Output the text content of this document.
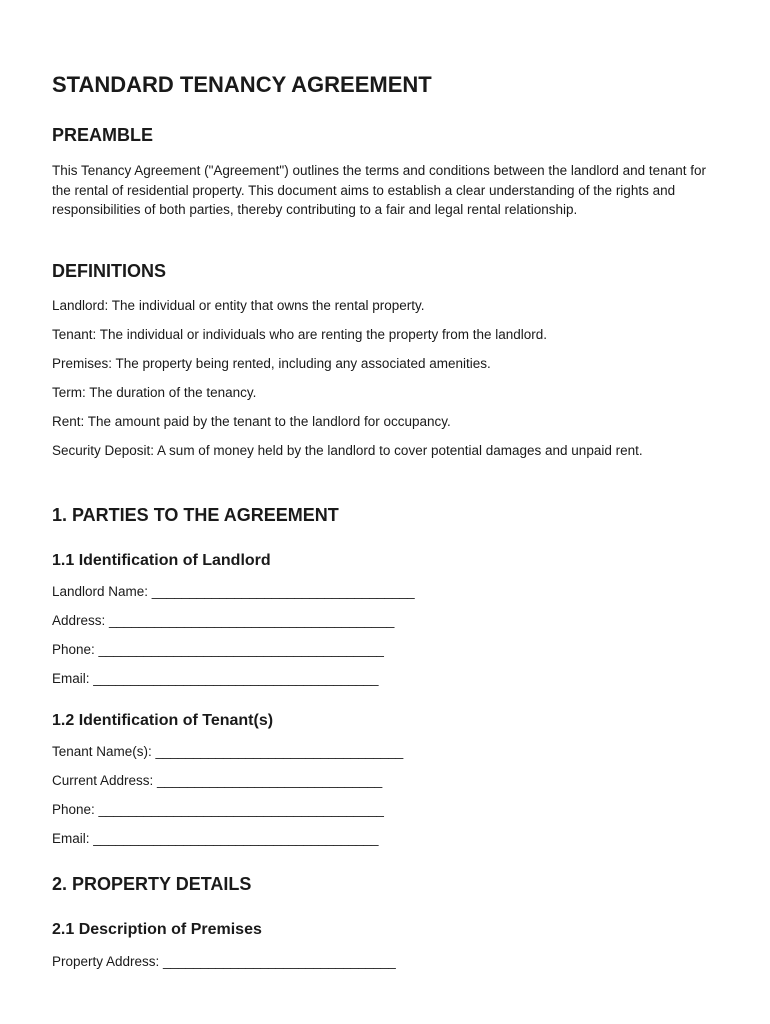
STANDARD TENANCY AGREEMENT
PREAMBLE

This Tenancy Agreement ("Agreement") outlines the terms and conditions between the landlord and tenant for the rental of residential property. This document aims to establish a clear understanding of the rights and responsibilities of both parties, thereby contributing to a fair and legal rental relationship.

DEFINITIONS

Landlord: The individual or entity that owns the rental property.

Tenant: The individual or individuals who are renting the property from the landlord.

Premises: The property being rented, including any associated amenities.

Term: The duration of the tenancy.

Rent: The amount paid by the tenant to the landlord for occupancy.

Security Deposit: A sum of money held by the landlord to cover potential damages and unpaid rent.

1. PARTIES TO THE AGREEMENT
1.1 Identification of Landlord

Landlord Name: ___________________________________

Address: ______________________________________

Phone: ______________________________________

Email: ______________________________________

1.2 Identification of Tenant(s)

Tenant Name(s): _________________________________

Current Address: ______________________________

Phone: ______________________________________

Email: ______________________________________

2. PROPERTY DETAILS
2.1 Description of Premises

Property Address: _______________________________
